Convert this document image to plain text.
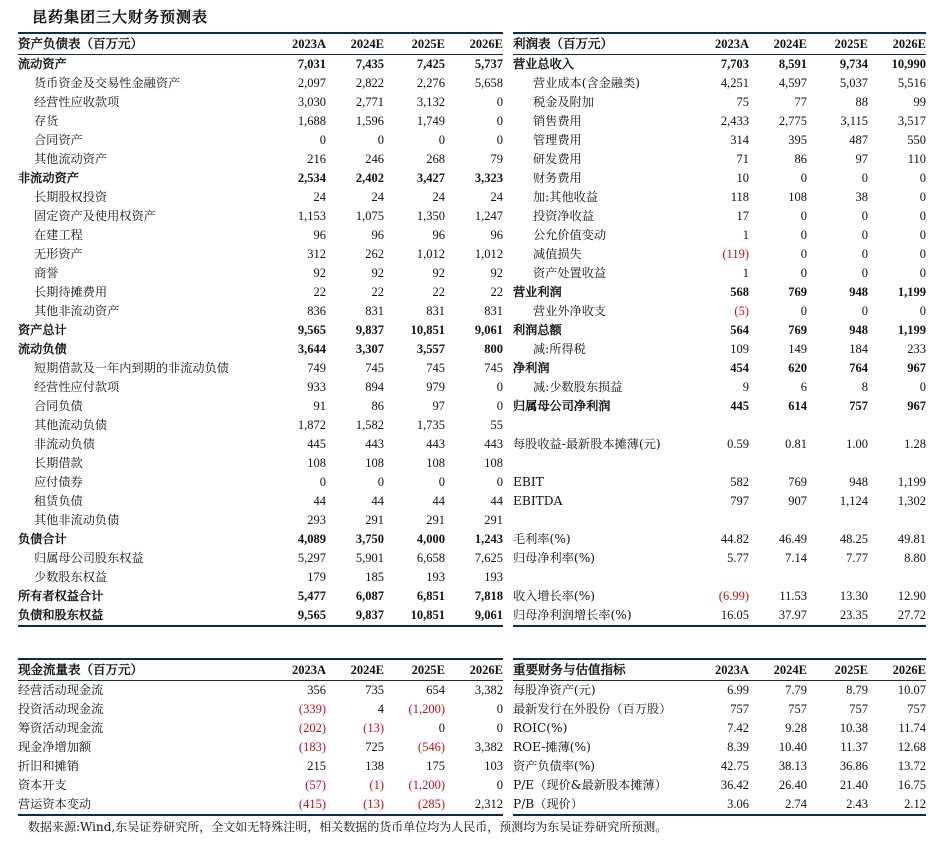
昆药集团三大财务预测表
资产负债表（百万元）	2023A	2024E	2025E	2026E
流动资产	7,031	7,435	7,425	5,737
货币资金及交易性金融资产	2,097	2,822	2,276	5,658
经营性应收款项	3,030	2,771	3,132	0
存货	1,688	1,596	1,749	0
合同资产	0	0	0	0
其他流动资产	216	246	268	79
非流动资产	2,534	2,402	3,427	3,323
长期股权投资	24	24	24	24
固定资产及使用权资产	1,153	1,075	1,350	1,247
在建工程	96	96	96	96
无形资产	312	262	1,012	1,012
商誉	92	92	92	92
长期待摊费用	22	22	22	22
其他非流动资产	836	831	831	831
资产总计	9,565	9,837	10,851	9,061
流动负债	3,644	3,307	3,557	800
短期借款及一年内到期的非流动负债	749	745	745	745
经营性应付款项	933	894	979	0
合同负债	91	86	97	0
其他流动负债	1,872	1,582	1,735	55
非流动负债	445	443	443	443
长期借款	108	108	108	108
应付债券	0	0	0	0
租赁负债	44	44	44	44
其他非流动负债	293	291	291	291
负债合计	4,089	3,750	4,000	1,243
归属母公司股东权益	5,297	5,901	6,658	7,625
少数股东权益	179	185	193	193
所有者权益合计	5,477	6,087	6,851	7,818
负债和股东权益	9,565	9,837	10,851	9,061
利润表（百万元）	2023A	2024E	2025E	2026E
营业总收入	7,703	8,591	9,734	10,990
营业成本(含金融类)	4,251	4,597	5,037	5,516
税金及附加	75	77	88	99
销售费用	2,433	2,775	3,115	3,517
管理费用	314	395	487	550
研发费用	71	86	97	110
财务费用	10	0	0	0
加:其他收益	118	108	38	0
投资净收益	17	0	0	0
公允价值变动	1	0	0	0
减值损失	(119)	0	0	0
资产处置收益	1	0	0	0
营业利润	568	769	948	1,199
营业外净收支	(5)	0	0	0
利润总额	564	769	948	1,199
减:所得税	109	149	184	233
净利润	454	620	764	967
减:少数股东损益	9	6	8	0
归属母公司净利润	445	614	757	967

每股收益-最新股本摊薄(元)	0.59	0.81	1.00	1.28

EBIT	582	769	948	1,199
EBITDA	797	907	1,124	1,302

毛利率(%)	44.82	46.49	48.25	49.81
归母净利率(%)	5.77	7.14	7.77	8.80

收入增长率(%)	(6.99)	11.53	13.30	12.90
归母净利润增长率(%)	16.05	37.97	23.35	27.72
现金流量表（百万元）	2023A	2024E	2025E	2026E
经营活动现金流	356	735	654	3,382
投资活动现金流	(339)	4	(1,200)	0
筹资活动现金流	(202)	(13)	0	0
现金净增加额	(183)	725	(546)	3,382
折旧和摊销	215	138	175	103
资本开支	(57)	(1)	(1,200)	0
营运资本变动	(415)	(13)	(285)	2,312
重要财务与估值指标	2023A	2024E	2025E	2026E
每股净资产(元)	6.99	7.79	8.79	10.07
最新发行在外股份（百万股）	757	757	757	757
ROIC(%)	7.42	9.28	10.38	11.74
ROE-摊薄(%)	8.39	10.40	11.37	12.68
资产负债率(%)	42.75	38.13	36.86	13.72
P/E（现价&最新股本摊薄）	36.42	26.40	21.40	16.75
P/B（现价）	3.06	2.74	2.43	2.12
数据来源:Wind,东吴证券研究所，全文如无特殊注明，相关数据的货币单位均为人民币，预测均为东吴证券研究所预测。
